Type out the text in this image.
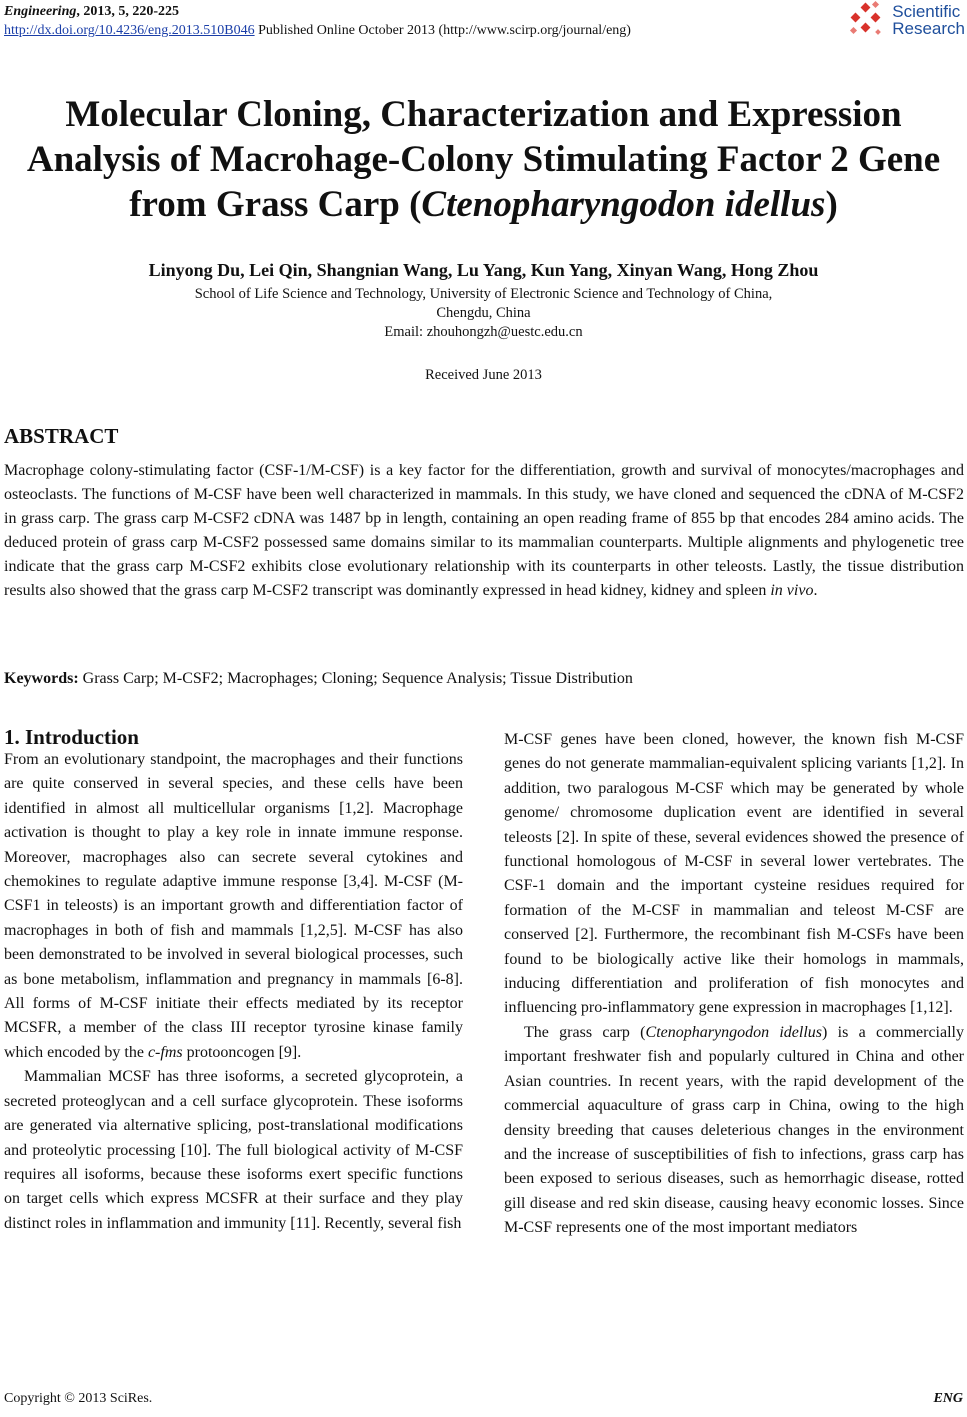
Engineering, 2013, 5, 220-225
http://dx.doi.org/10.4236/eng.2013.510B046 Published Online October 2013 (http://www.scirp.org/journal/eng)
Scientific
Research
Molecular Cloning, Characterization and Expression
Analysis of Macrohage-Colony Stimulating Factor 2 Gene
from Grass Carp (Ctenopharyngodon idellus)
Linyong Du, Lei Qin, Shangnian Wang, Lu Yang, Kun Yang, Xinyan Wang, Hong Zhou
School of Life Science and Technology, University of Electronic Science and Technology of China,
Chengdu, China
Email: zhouhongzh@uestc.edu.cn
Received June 2013
ABSTRACT
Macrophage colony-stimulating factor (CSF-1/M-CSF) is a key factor for the differentiation, growth and survival of monocytes/macrophages and osteoclasts. The functions of M-CSF have been well characterized in mammals. In this study, we have cloned and sequenced the cDNA of M-CSF2 in grass carp. The grass carp M-CSF2 cDNA was 1487 bp in length, containing an open reading frame of 855 bp that encodes 284 amino acids. The deduced protein of grass carp M-CSF2 possessed same domains similar to its mammalian counterparts. Multiple alignments and phylogenetic tree indicate that the grass carp M-CSF2 exhibits close evolutionary relationship with its counterparts in other teleosts. Lastly, the tissue distribution results also showed that the grass carp M-CSF2 transcript was dominantly expressed in head kidney, kidney and spleen in vivo.
Keywords: Grass Carp; M-CSF2; Macrophages; Cloning; Sequence Analysis; Tissue Distribution
1. Introduction

From an evolutionary standpoint, the macrophages and their functions are quite conserved in several species, and these cells have been identified in almost all multicellular organisms [1,2]. Macrophage activation is thought to play a key role in innate immune response. Moreover, macrophages also can secrete several cytokines and chemokines to regulate adaptive immune response [3,4]. M-CSF (M-CSF1 in teleosts) is an important growth and differentiation factor of macrophages in both of fish and mammals [1,2,5]. M-CSF has also been demonstrated to be involved in several biological processes, such as bone metabolism, inflammation and pregnancy in mammals [6-8]. All forms of M-CSF initiate their effects mediated by its receptor MCSFR, a member of the class III receptor tyrosine kinase family which encoded by the c-fms protooncogen [9].

Mammalian MCSF has three isoforms, a secreted glycoprotein, a secreted proteoglycan and a cell surface glycoprotein. These isoforms are generated via alternative splicing, post-translational modifications and proteolytic processing [10]. The full biological activity of M-CSF requires all isoforms, because these isoforms exert specific functions on target cells which express MCSFR at their surface and they play distinct roles in inflammation and immunity [11]. Recently, several fish

M-CSF genes have been cloned, however, the known fish M-CSF genes do not generate mammalian-equivalent splicing variants [1,2]. In addition, two paralogous M-CSF which may be generated by whole genome/ chromosome duplication event are identified in several teleosts [2]. In spite of these, several evidences showed the presence of functional homologous of M-CSF in several lower vertebrates. The CSF-1 domain and the important cysteine residues required for formation of the M-CSF in mammalian and teleost M-CSF are conserved [2]. Furthermore, the recombinant fish M-CSFs have been found to be biologically active like their homologs in mammals, inducing differentiation and proliferation of fish monocytes and influencing pro-inflammatory gene expression in macrophages [1,12].

The grass carp (Ctenopharyngodon idellus) is a commercially important freshwater fish and popularly cultured in China and other Asian countries. In recent years, with the rapid development of the commercial aquaculture of grass carp in China, owing to the high density breeding that causes deleterious changes in the environment and the increase of susceptibilities of fish to infections, grass carp has been exposed to serious diseases, such as hemorrhagic disease, rotted gill disease and red skin disease, causing heavy economic losses. Since M-CSF represents one of the most important mediators

Copyright © 2013 SciRes.	ENG
